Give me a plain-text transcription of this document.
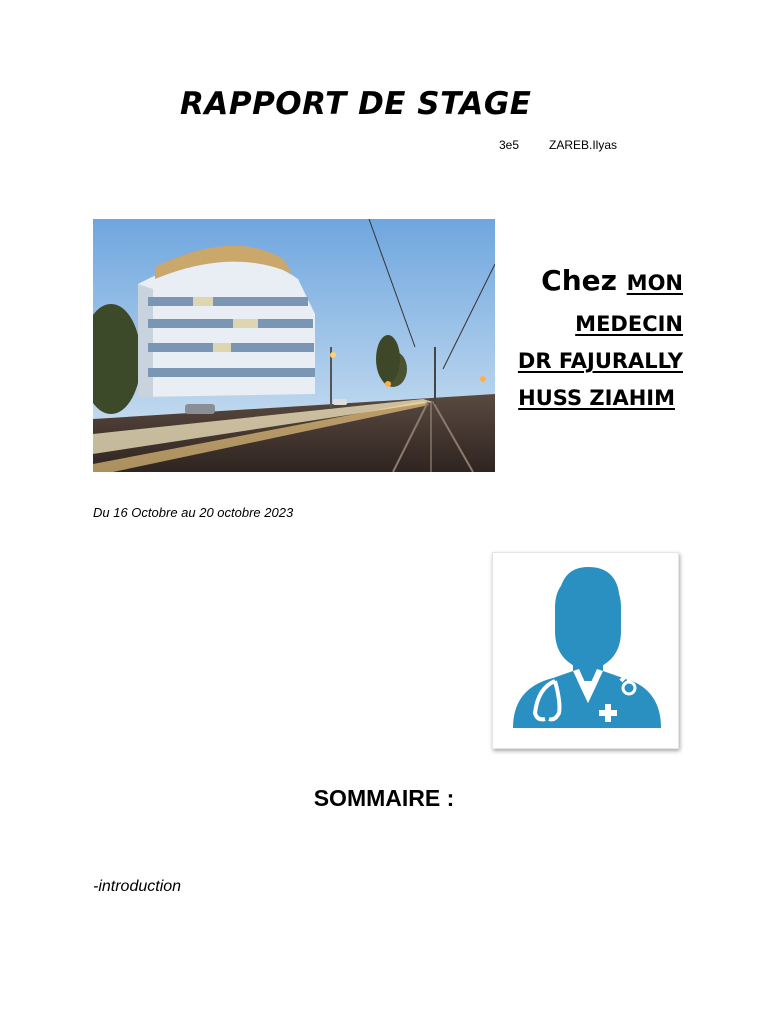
RAPPORT DE STAGE
3e5 ZAREB.Ilyas
Chez MON
MEDECIN
DR FAJURALLY
HUSS ZIAHIM
Du 16 Octobre au 20 octobre 2023
SOMMAIRE :
-introduction
